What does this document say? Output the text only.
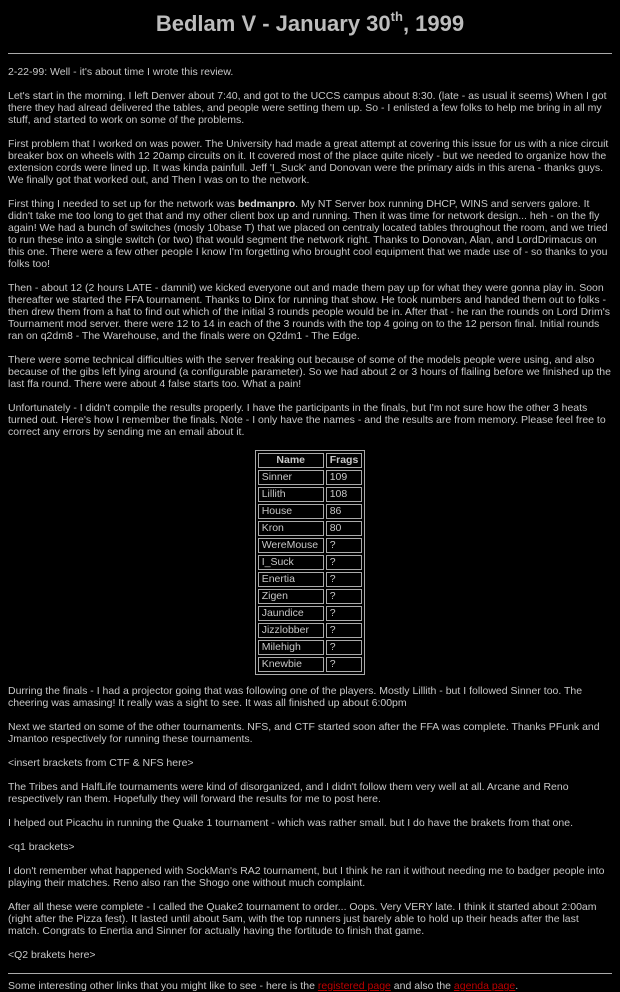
Bedlam V - January 30th, 1999

2-22-99: Well - it's about time I wrote this review.

Let's start in the morning. I left Denver about 7:40, and got to the UCCS campus about 8:30. (late - as usual it seems) When I got there they had alread delivered the tables, and people were setting them up. So - I enlisted a few folks to help me bring in all my stuff, and started to work on some of the problems.

First problem that I worked on was power. The University had made a great attempt at covering this issue for us with a nice circuit breaker box on wheels with 12 20amp circuits on it. It covered most of the place quite nicely - but we needed to organize how the extension cords were lined up. It was kinda painfull. Jeff 'I_Suck' and Donovan were the primary aids in this arena - thanks guys. We finally got that worked out, and Then I was on to the network.

First thing I needed to set up for the network was bedmanpro. My NT Server box running DHCP, WINS and servers galore. It didn't take me too long to get that and my other client box up and running. Then it was time for network design... heh - on the fly again! We had a bunch of switches (mosly 10base T) that we placed on centraly located tables throughout the room, and we tried to run these into a single switch (or two) that would segment the network right. Thanks to Donovan, Alan, and LordDrimacus on this one. There were a few other people I know I'm forgetting who brought cool equipment that we made use of - so thanks to you folks too!

Then - about 12 (2 hours LATE - damnit) we kicked everyone out and made them pay up for what they were gonna play in. Soon thereafter we started the FFA tournament. Thanks to Dinx for running that show. He took numbers and handed them out to folks - then drew them from a hat to find out which of the initial 3 rounds people would be in. After that - he ran the rounds on Lord Drim's Tournament mod server. there were 12 to 14 in each of the 3 rounds with the top 4 going on to the 12 person final. Initial rounds ran on q2dm8 - The Warehouse, and the finals were on Q2dm1 - The Edge.

There were some technical difficulties with the server freaking out because of some of the models people were using, and also because of the gibs left lying around (a configurable parameter). So we had about 2 or 3 hours of flailing before we finished up the last ffa round. There were about 4 false starts too. What a pain!

Unfortunately - I didn't compile the results properly. I have the participants in the finals, but I'm not sure how the other 3 heats turned out. Here's how I remember the finals. Note - I only have the names - and the results are from memory. Please feel free to correct any errors by sending me an email about it.

Name	Frags
Sinner	109
Lillith	108
House	86
Kron	80
WereMouse	?
I_Suck	?
Enertia	?
Zigen	?
Jaundice	?
Jizzlobber	?
Milehigh	?
Knewbie	?

Durring the finals - I had a projector going that was following one of the players. Mostly Lillith - but I followed Sinner too. The cheering was amasing! It really was a sight to see. It was all finished up about 6:00pm

Next we started on some of the other tournaments. NFS, and CTF started soon after the FFA was complete. Thanks PFunk and Jmantoo respectively for running these tournaments.

<insert brackets from CTF & NFS here>

The Tribes and HalfLife tournaments were kind of disorganized, and I didn't follow them very well at all. Arcane and Reno respectively ran them. Hopefully they will forward the results for me to post here.

I helped out Picachu in running the Quake 1 tournament - which was rather small. but I do have the brakets from that one.

<q1 brackets>

I don't remember what happened with SockMan's RA2 tournament, but I think he ran it without needing me to badger people into playing their matches. Reno also ran the Shogo one without much complaint.

After all these were complete - I called the Quake2 tournament to order... Oops. Very VERY late. I think it started about 2:00am (right after the Pizza fest). It lasted until about 5am, with the top runners just barely able to hold up their heads after the last match. Congrats to Enertia and Sinner for actually having the fortitude to finish that game.

<Q2 brakets here>

Some interesting other links that you might like to see - here is the registered page and also the agenda page.
